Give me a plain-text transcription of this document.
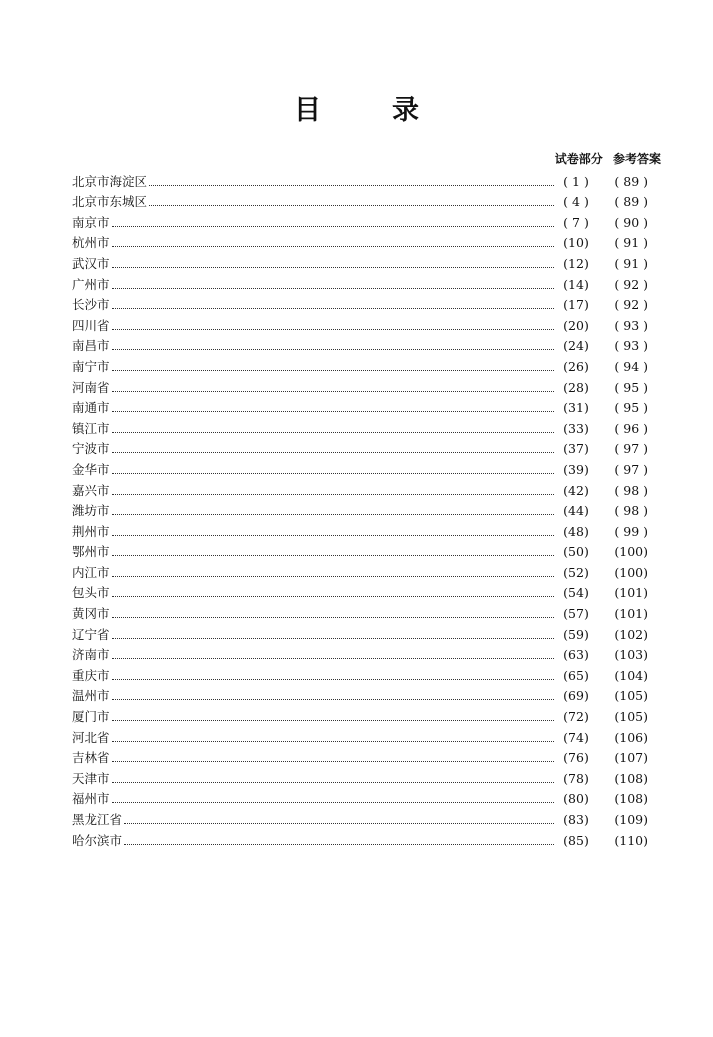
目　录
试卷部分 参考答案
北京市海淀区	( 1 )	( 89 )
北京市东城区	( 4 )	( 89 )
南京市	( 7 )	( 90 )
杭州市	(10)	( 91 )
武汉市	(12)	( 91 )
广州市	(14)	( 92 )
长沙市	(17)	( 92 )
四川省	(20)	( 93 )
南昌市	(24)	( 93 )
南宁市	(26)	( 94 )
河南省	(28)	( 95 )
南通市	(31)	( 95 )
镇江市	(33)	( 96 )
宁波市	(37)	( 97 )
金华市	(39)	( 97 )
嘉兴市	(42)	( 98 )
潍坊市	(44)	( 98 )
荆州市	(48)	( 99 )
鄂州市	(50)	(100)
内江市	(52)	(100)
包头市	(54)	(101)
黄冈市	(57)	(101)
辽宁省	(59)	(102)
济南市	(63)	(103)
重庆市	(65)	(104)
温州市	(69)	(105)
厦门市	(72)	(105)
河北省	(74)	(106)
吉林省	(76)	(107)
天津市	(78)	(108)
福州市	(80)	(108)
黑龙江省	(83)	(109)
哈尔滨市	(85)	(110)
